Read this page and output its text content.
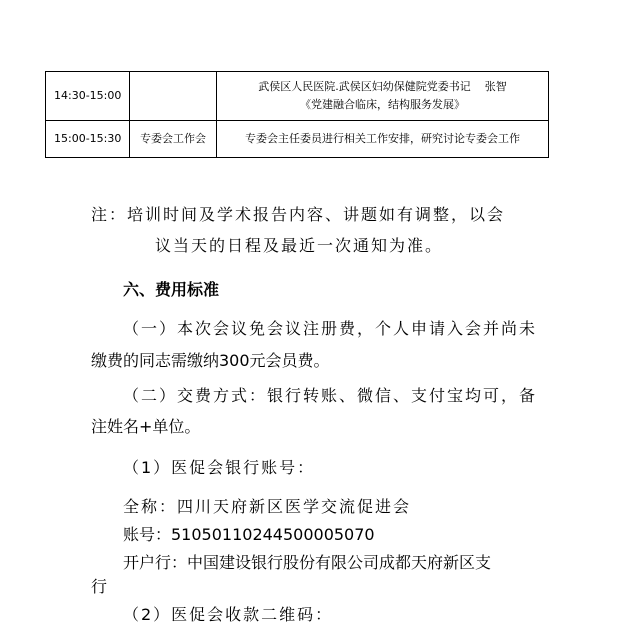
14:30-15:00		武侯区人民医院.武侯区妇幼保健院党委书记 张智
《党建融合临床，结构服务发展》

15:00-15:30	专委会工作会	专委会主任委员进行相关工作安排，研究讨论专委会工作
注：培训时间及学术报告内容、讲题如有调整，以会
议当天的日程及最近一次通知为准。
六、费用标准
（一）本次会议免会议注册费，个人申请入会并尚未
缴费的同志需缴纳300元会员费。
（二）交费方式：银行转账、微信、支付宝均可，备
注姓名+单位。
（1）医促会银行账号：
全称：四川天府新区医学交流促进会
账号：51050110244500005070
开户行：中国建设银行股份有限公司成都天府新区支
行
（2）医促会收款二维码：
